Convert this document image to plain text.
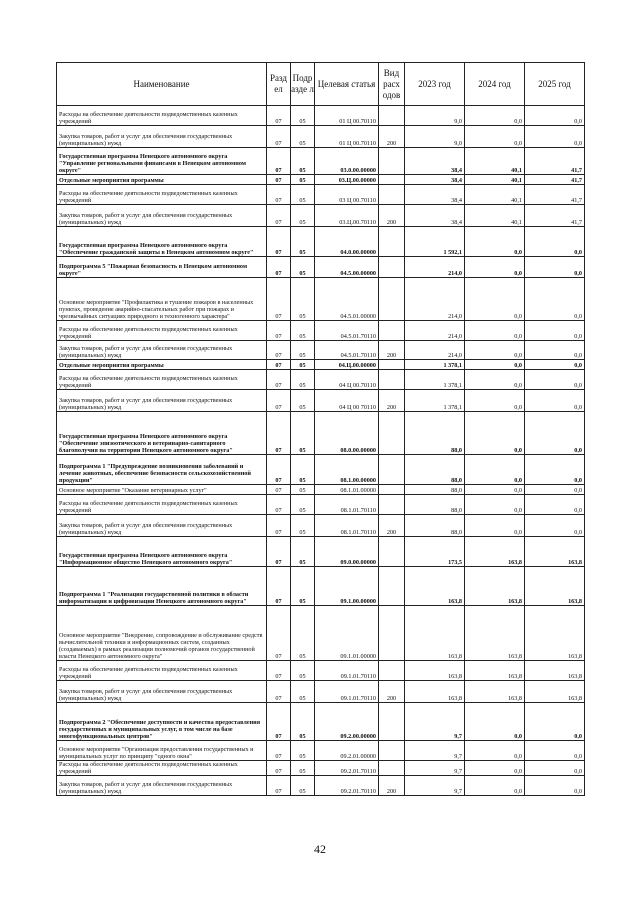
Наименование	Разд ел	Подр азде л	Целевая статья	Вид расх одов	2023 год	2024 год	2025 год
Расходы на обеспечение деятельности подведомственных казенных учреждений	07	05	01 Ц 00.70110		9,0	0,0	0,0
Закупка товаров, работ и услуг для обеспечения государственных (муниципальных) нужд	07	05	01 Ц 00.70110	200	9,0	0,0	0,0
Государственная программа Ненецкого автономного округа "Управление региональными финансами в Ненецком автономном округе"	07	05	03.0.00.00000		38,4	40,1	41,7
Отдельные мероприятия программы	07	05	03.Ц.00.00000		38,4	40,1	41,7
Расходы на обеспечение деятельности подведомственных казенных учреждений	07	05	03 Ц 00.70110		38,4	40,1	41,7
Закупка товаров, работ и услуг для обеспечения государственных (муниципальных) нужд	07	05	03.Ц.00.70110	200	38,4	40,1	41,7
Государственная программа Ненецкого автономного округа "Обеспечение гражданской защиты в Ненецком автономном округе"	07	05	04.0.00.00000		1 592,1	0,0	0,0
Подпрограмма 5 "Пожарная безопасность в Ненецком автономном округе"	07	05	04.5.00.00000		214,0	0,0	0,0
Основное мероприятие "Профилактика и тушение пожаров в населенных пунктах, проведение аварийно-спасательных работ при пожарах и чрезвычайных ситуациях природного и техногенного характера"	07	05	04.5.01.00000		214,0	0,0	0,0
Расходы на обеспечение деятельности подведомственных казенных учреждений	07	05	04.5.01.70110		214,0	0,0	0,0
Закупка товаров, работ и услуг для обеспечения государственных (муниципальных) нужд	07	05	04.5.01.70110	200	214,0	0,0	0,0
Отдельные мероприятия программы	07	05	04.Ц.00.00000		1 378,1	0,0	0,0
Расходы на обеспечение деятельности подведомственных казенных учреждений	07	05	04 Ц 00.70110		1 378,1	0,0	0,0
Закупка товаров, работ и услуг для обеспечения государственных (муниципальных) нужд	07	05	04 Ц 00 70110	200	1 378,1	0,0	0,0
Государственная программа Ненецкого автономного округа "Обеспечение эпизоотического и ветеринарно-санитарного благополучия на территории Ненецкого автономного округа"	07	05	08.0.00.00000		88,0	0,0	0,0
Подпрограмма 1 "Предупреждение возникновения заболеваний и лечение животных, обеспечение безопасности сельскохозяйственной продукции"	07	05	08.1.00.00000		88,0	0,0	0,0
Основное мероприятие "Оказание ветеринарных услуг"	07	05	08.1.01.00000		88,0	0,0	0,0
Расходы на обеспечение деятельности подведомственных казенных учреждений	07	05	08.1.01.70110		88,0	0,0	0,0
Закупка товаров, работ и услуг для обеспечения государственных (муниципальных) нужд	07	05	08.1.01.70110	200	88,0	0,0	0,0
Государственная программа Ненецкого автономного округа "Информационное общество Ненецкого автономного округа"	07	05	09.0.00.00000		173,5	163,8	163,8
Подпрограмма 1 "Реализация государственной политики в области информатизации и цифровизации Ненецкого автономного округа"	07	05	09.1.00.00000		163,8	163,8	163,8
Основное мероприятие "Внедрение, сопровождение и обслуживание средств вычислительной техники и информационных систем, созданных (создаваемых) в рамках реализации полномочий органов государственной власти Ненецкого автономного округа"	07	05	09.1.01.00000		163,8	163,8	163,8
Расходы на обеспечение деятельности подведомственных казенных учреждений	07	05	09.1.01.70110		163,8	163,8	163,8
Закупка товаров, работ и услуг для обеспечения государственных (муниципальных) нужд	07	05	09.1.01.70110	200	163,8	163,8	163,8
Подпрограмма 2 "Обеспечение доступности и качества предоставления государственных и муниципальных услуг, в том числе на базе многофункциональных центров"	07	05	09.2.00.00000		9,7	0,0	0,0
Основное мероприятие "Организация предоставления государственных и муниципальных услуг по принципу "одного окна"	07	05	09.2.01.00000		9,7	0,0	0,0
Расходы на обеспечение деятельности подведомственных казенных учреждений	07	05	09.2.01.70110		9,7	0,0	0,0
Закупка товаров, работ и услуг для обеспечения государственных (муниципальных) нужд	07	05	09.2.01.70110	200	9,7	0,0	0,0
42
